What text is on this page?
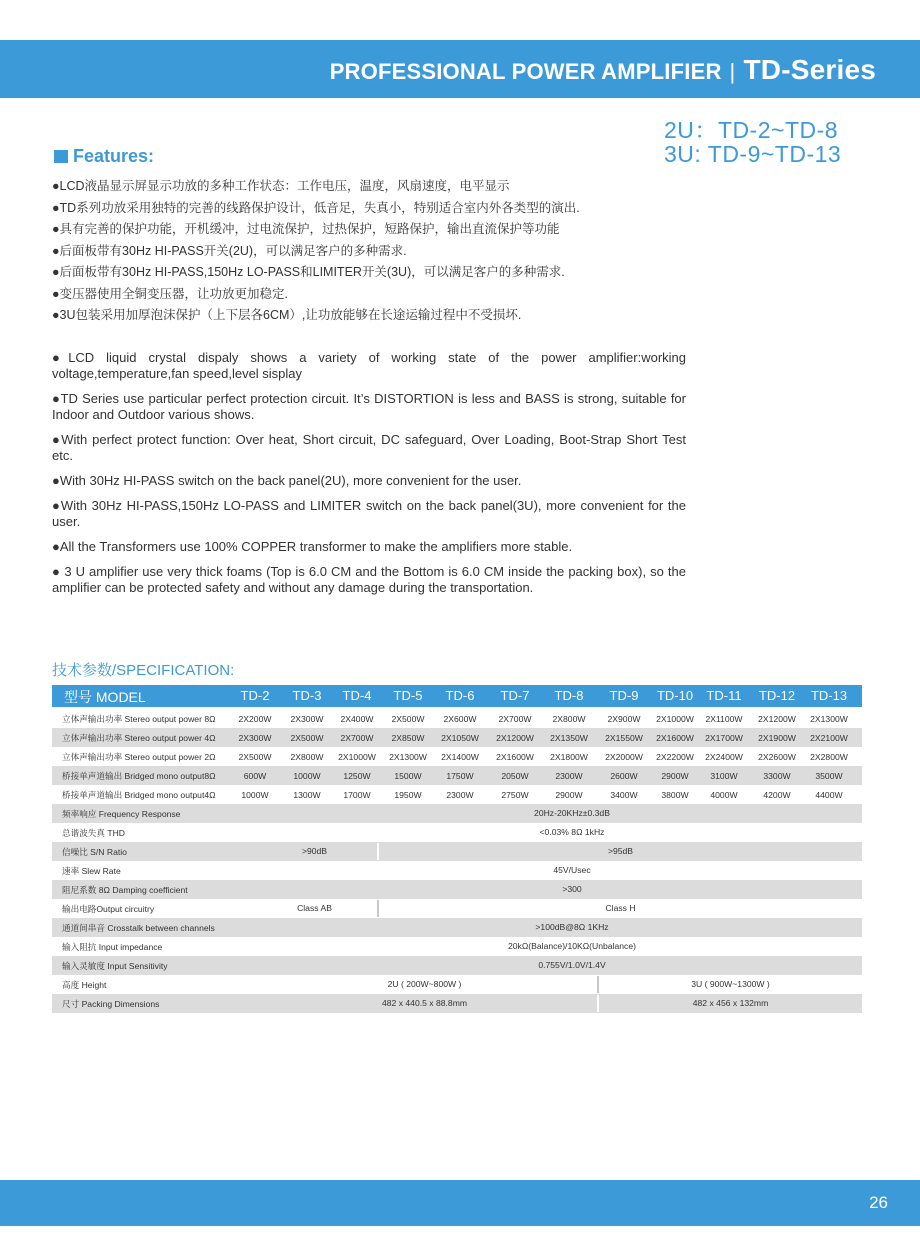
PROFESSIONAL POWER AMPLIFIER | TD-Series
2U：TD-2~TD-8
3U: TD-9~TD-13
Features:
●LCD液晶显示屏显示功放的多种工作状态：工作电压，温度，风扇速度，电平显示
●TD系列功放采用独特的完善的线路保护设计，低音足，失真小，特别适合室内外各类型的演出.
●具有完善的保护功能，开机缓冲，过电流保护，过热保护，短路保护，输出直流保护等功能
●后面板带有30Hz HI-PASS开关(2U)，可以满足客户的多种需求.
●后面板带有30Hz HI-PASS,150Hz LO-PASS和LIMITER开关(3U)，可以满足客户的多种需求.
●变压器使用全铜变压器，让功放更加稳定.
●3U包装采用加厚泡沫保护（上下层各6CM）,让功放能够在长途运输过程中不受损坏.
●LCD liquid crystal dispaly shows a variety of working state of the power amplifier:working voltage,temperature,fan speed,level sisplay
●TD Series use particular perfect protection circuit. It’s DISTORTION is less and BASS is strong, suitable for Indoor and Outdoor various shows.
●With perfect protect function: Over heat, Short circuit, DC safeguard, Over Loading, Boot-Strap Short Test etc.
●With 30Hz HI-PASS switch on the back panel(2U), more convenient for the user.
●With 30Hz HI-PASS,150Hz LO-PASS and LIMITER switch on the back panel(3U), more convenient for the user.
●All the Transformers use 100% COPPER transformer to make the amplifiers more stable.
● 3 U amplifier use very thick foams (Top is 6.0 CM and the Bottom is 6.0 CM inside the packing box), so the amplifier can be protected safety and without any damage during the transportation.
技术参数/SPECIFICATION:
型号 MODEL	TD-2	TD-3	TD-4	TD-5	TD-6	TD-7	TD-8	TD-9	TD-10	TD-11	TD-12	TD-13
立体声输出功率 Stereo output power 8Ω	2X200W	2X300W	2X400W	2X500W	2X600W	2X700W	2X800W	2X900W	2X1000W	2X1100W	2X1200W	2X1300W
立体声输出功率 Stereo output power 4Ω	2X300W	2X500W	2X700W	2X850W	2X1050W	2X1200W	2X1350W	2X1550W	2X1600W	2X1700W	2X1900W	2X2100W
立体声输出功率 Stereo output power 2Ω	2X500W	2X800W	2X1000W	2X1300W	2X1400W	2X1600W	2X1800W	2X2000W	2X2200W	2X2400W	2X2600W	2X2800W
桥接单声道输出 Bridged mono output8Ω	600W	1000W	1250W	1500W	1750W	2050W	2300W	2600W	2900W	3100W	3300W	3500W
桥接单声道输出 Bridged mono output4Ω	1000W	1300W	1700W	1950W	2300W	2750W	2900W	3400W	3800W	4000W	4200W	4400W
频率响应 Frequency Response	20Hz-20KHz±0.3dB
总谐波失真 THD	<0.03% 8Ω 1kHz
信噪比 S/N Ratio	>90dB	>95dB
速率 Slew Rate	45V/Usec
阻尼系数 8Ω Damping coefficient	>300
输出电路Output circuitry	Class AB	Class H
通道间串音 Crosstalk between channels	>100dB@8Ω 1KHz
输入阻抗 Input impedance	20kΩ(Balance)/10KΩ(Unbalance)
输入灵敏度 Input Sensitivity	0.755V/1.0V/1.4V
高度 Height	2U ( 200W~800W )	3U ( 900W~1300W )
尺寸 Packing Dimensions	482 x 440.5 x 88.8mm	482 x 456 x 132mm
26
